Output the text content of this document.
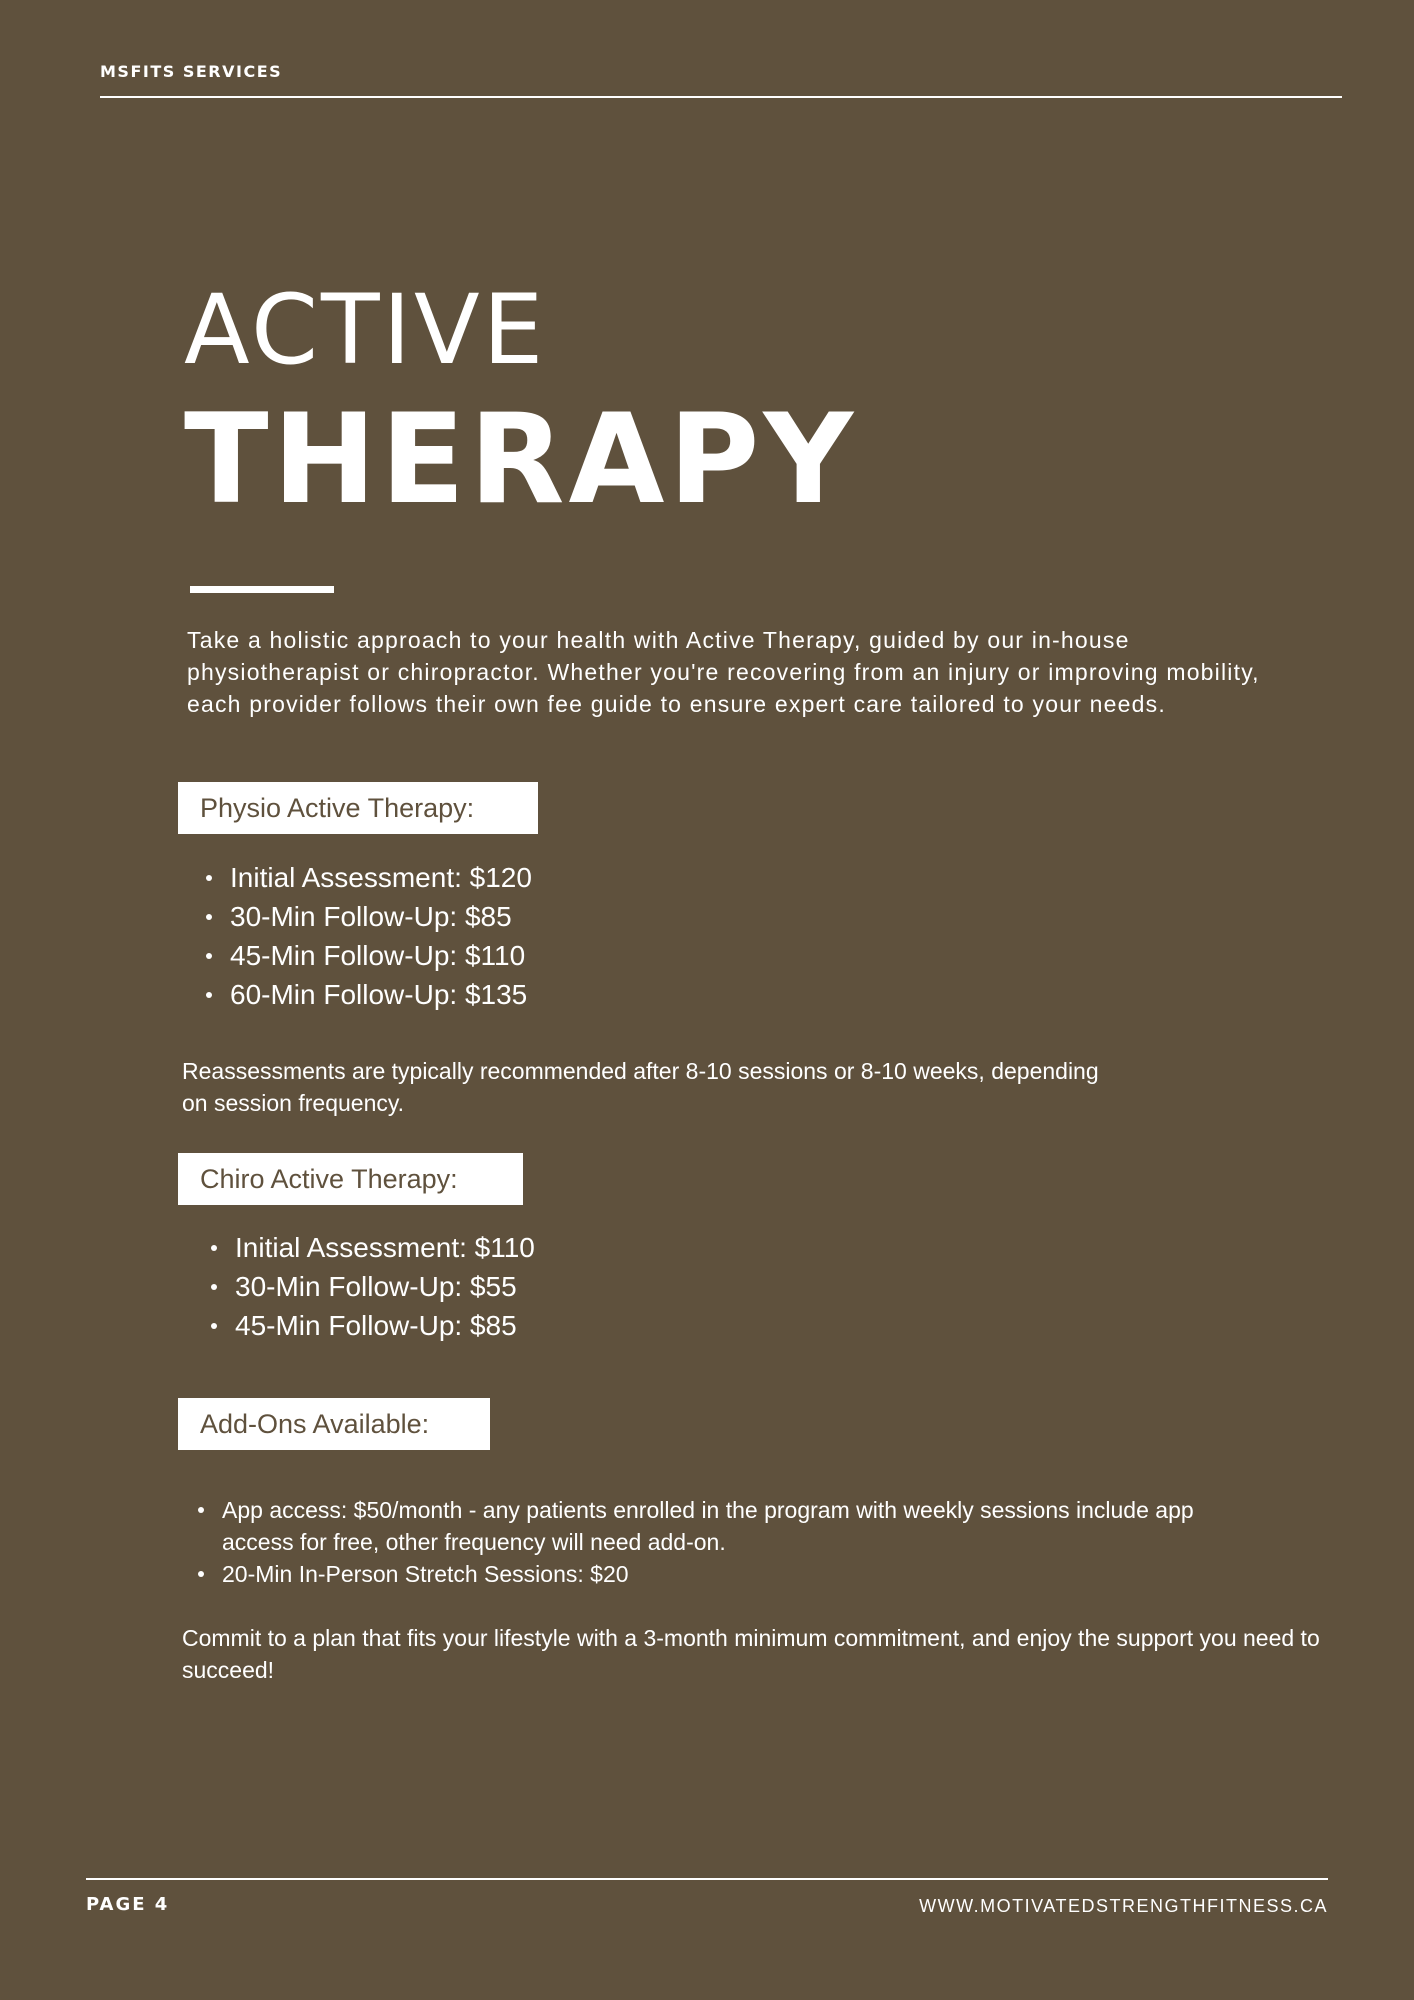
MSFITS SERVICES
ACTIVE
THERAPY

Take a holistic approach to your health with Active Therapy, guided by our in-house physiotherapist or chiropractor. Whether you're recovering from an injury or improving mobility, each provider follows their own fee guide to ensure expert care tailored to your needs.

Physio Active Therapy:
Initial Assessment: $120
30-Min Follow-Up: $85
45-Min Follow-Up: $110
60-Min Follow-Up: $135

Reassessments are typically recommended after 8-10 sessions or 8-10 weeks, depending on session frequency.

Chiro Active Therapy:
Initial Assessment: $110
30-Min Follow-Up: $55
45-Min Follow-Up: $85
Add-Ons Available:
App access: $50/month - any patients enrolled in the program with weekly sessions include app access for free, other frequency will need add-on.
20-Min In-Person Stretch Sessions: $20

Commit to a plan that fits your lifestyle with a 3-month minimum commitment, and enjoy the support you need to succeed!

PAGE 4	WWW.MOTIVATEDSTRENGTHFITNESS.CA
